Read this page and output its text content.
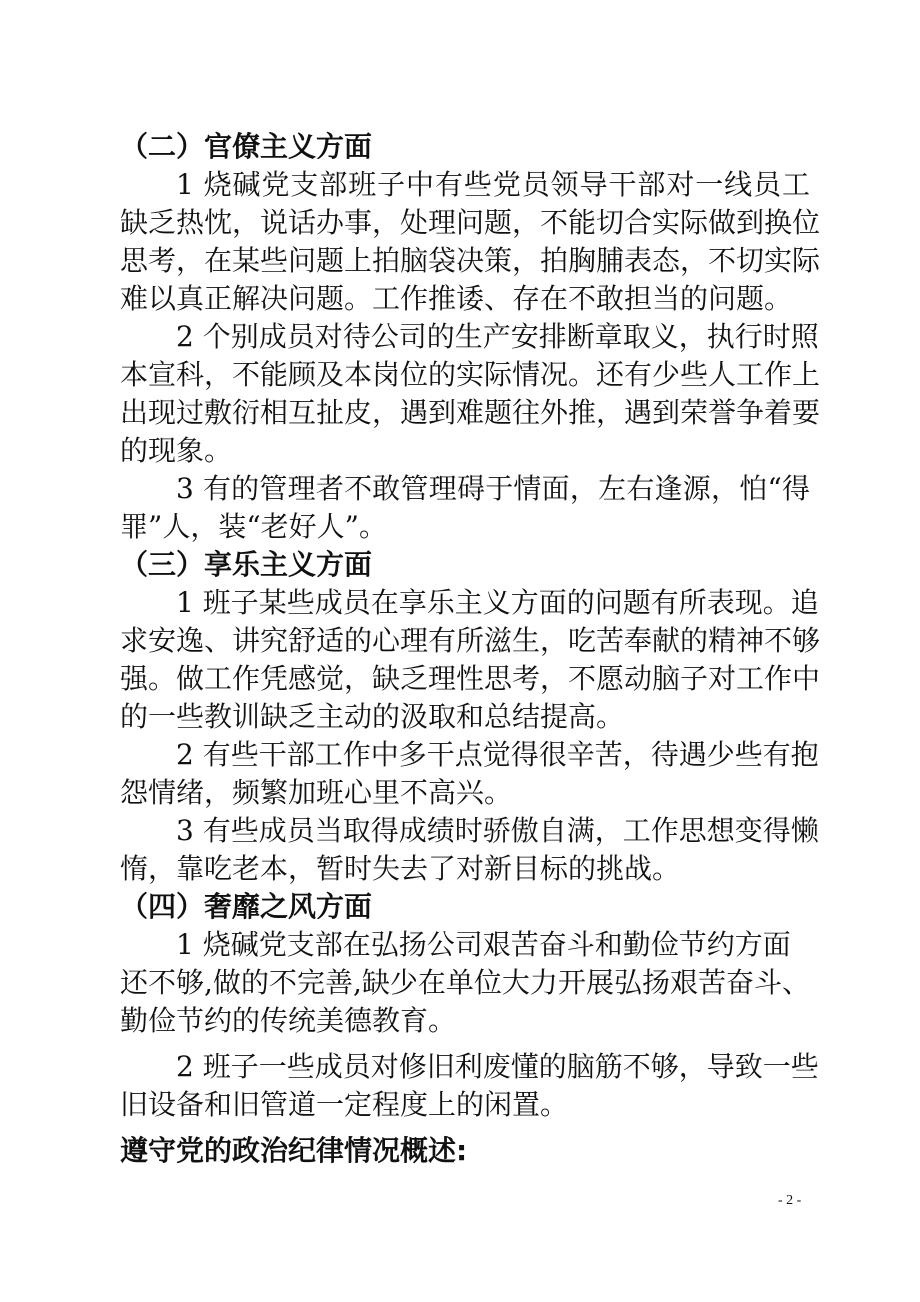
（二）官僚主义方面
1 烧碱党支部班子中有些党员领导干部对一线员工
缺乏热忱，说话办事，处理问题，不能切合实际做到换位
思考，在某些问题上拍脑袋决策，拍胸脯表态，不切实际
难以真正解决问题。工作推诿、存在不敢担当的问题。
2 个别成员对待公司的生产安排断章取义，执行时照
本宣科，不能顾及本岗位的实际情况。还有少些人工作上
出现过敷衍相互扯皮，遇到难题往外推，遇到荣誉争着要
的现象。
3 有的管理者不敢管理碍于情面，左右逢源，怕“得
罪”人，装“老好人”。
（三）享乐主义方面
1 班子某些成员在享乐主义方面的问题有所表现。追
求安逸、讲究舒适的心理有所滋生，吃苦奉献的精神不够
强。做工作凭感觉，缺乏理性思考，不愿动脑子对工作中
的一些教训缺乏主动的汲取和总结提高。
2 有些干部工作中多干点觉得很辛苦，待遇少些有抱
怨情绪，频繁加班心里不高兴。
3 有些成员当取得成绩时骄傲自满，工作思想变得懒
惰，靠吃老本，暂时失去了对新目标的挑战。
（四）奢靡之风方面
1 烧碱党支部在弘扬公司艰苦奋斗和勤俭节约方面
还不够,做的不完善,缺少在单位大力开展弘扬艰苦奋斗、
勤俭节约的传统美德教育。
2 班子一些成员对修旧利废懂的脑筋不够，导致一些
旧设备和旧管道一定程度上的闲置。
遵守党的政治纪律情况概述:
- 2 -
